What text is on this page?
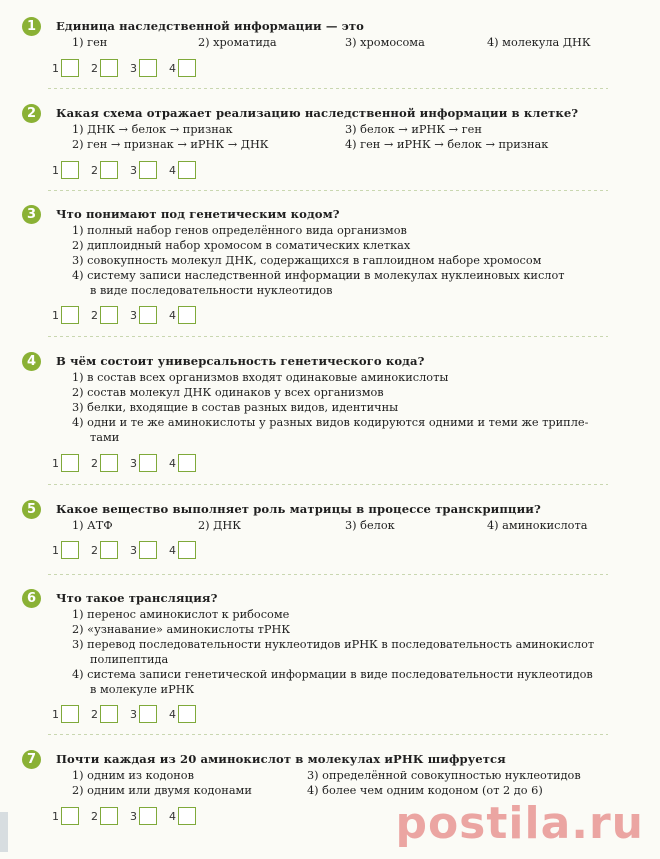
1	Единица наследственной информации — это
1) ген	2) хроматида	3) хромосома	4) молекула ДНК
1	2	3	4
2	Какая схема отражает реализацию наследственной информации в клетке?
1) ДНК → белок → признак	3) белок → иРНК → ген
2) ген → признак → иРНК → ДНК	4) ген → иРНК → белок → признак
1	2	3	4
3	Что понимают под генетическим кодом?
1) полный набор генов определённого вида организмов
2) диплоидный набор хромосом в соматических клетках
3) совокупность молекул ДНК, содержащихся в гаплоидном наборе хромосом
4) систему записи наследственной информации в молекулах нуклеиновых кислот
в виде последовательности нуклеотидов
1	2	3	4
4	В чём состоит универсальность генетического кода?
1) в состав всех организмов входят одинаковые аминокислоты
2) состав молекул ДНК одинаков у всех организмов
3) белки, входящие в состав разных видов, идентичны
4) одни и те же аминокислоты у разных видов кодируются одними и теми же трипле-
тами
1	2	3	4
5	Какое вещество выполняет роль матрицы в процессе транскрипции?
1) АТФ	2) ДНК	3) белок	4) аминокислота
1	2	3	4
6	Что такое трансляция?
1) перенос аминокислот к рибосоме
2) «узнавание» аминокислоты тРНК
3) перевод последовательности нуклеотидов иРНК в последовательность аминокислот
полипептида
4) система записи генетической информации в виде последовательности нуклеотидов
в молекуле иРНК
1	2	3	4
7	Почти каждая из 20 аминокислот в молекулах иРНК шифруется
1) одним из кодонов	3) определённой совокупностью нуклеотидов
2) одним или двумя кодонами	4) более чем одним кодоном (от 2 до 6)
1	2	3	4	postila.ru
